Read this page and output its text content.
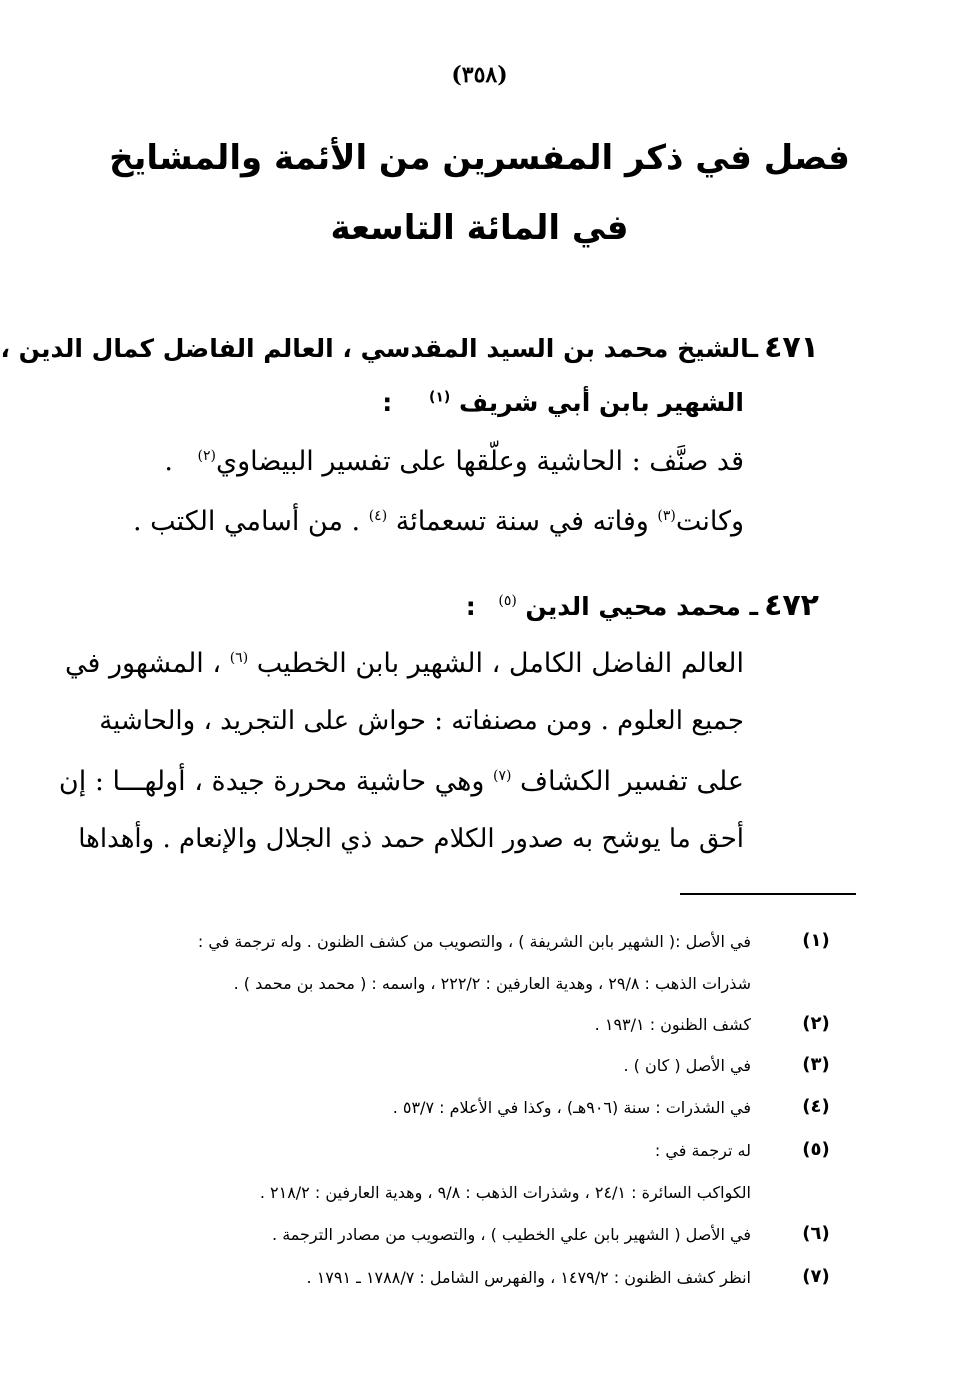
(٣٥٨)
فصل في ذكر المفسرين من الأئمة والمشايخ
في المائة التاسعة
٤٧١ـالشيخ محمد بن السيد المقدسي ، العالم الفاضل كمال الدين ،
الشهير بابن أبي شريف $^{(١)}$ :
قد صنَّف : الحاشية وعلّقها على تفسير البيضاوي$^{(٢)}$ .
وكانت$^{(٣)}$ وفاته في سنة تسعمائة $^{(٤)}$ . من أسامي الكتب .
٤٧٢ـ محمد محيي الدين $^{(٥)}$ :
العالم الفاضل الكامل ، الشهير بابن الخطيب $^{(٦)}$ ، المشهور في
جميع العلوم . ومن مصنفاته : حواش على التجريد ، والحاشية
على تفسير الكشاف $^{(٧)}$ وهي حاشية محررة جيدة ، أولهـــا : إن
أحق ما يوشح به صدور الكلام حمد ذي الجلال والإنعام . وأهداها
(١)
في الأصل :( الشهير بابن الشريفة ) ، والتصويب من كشف الظنون . وله ترجمة في :
شذرات الذهب : ٢٩/٨ ، وهدية العارفين : ٢٢٢/٢ ، واسمه : ( محمد بن محمد ) .
(٢)
كشف الظنون : ١٩٣/١ .
(٣)
في الأصل ( كان ) .
(٤)
في الشذرات : سنة (٩٠٦هـ) ، وكذا في الأعلام : ٥٣/٧ .
(٥)
له ترجمة في :
الكواكب السائرة : ٢٤/١ ، وشذرات الذهب : ٩/٨ ، وهدية العارفين : ٢١٨/٢ .
(٦)
في الأصل ( الشهير بابن علي الخطيب ) ، والتصويب من مصادر الترجمة .
(٧)
انظر كشف الظنون : ١٤٧٩/٢ ، والفهرس الشامل : ١٧٨٨/٧ ـ ١٧٩١ .
